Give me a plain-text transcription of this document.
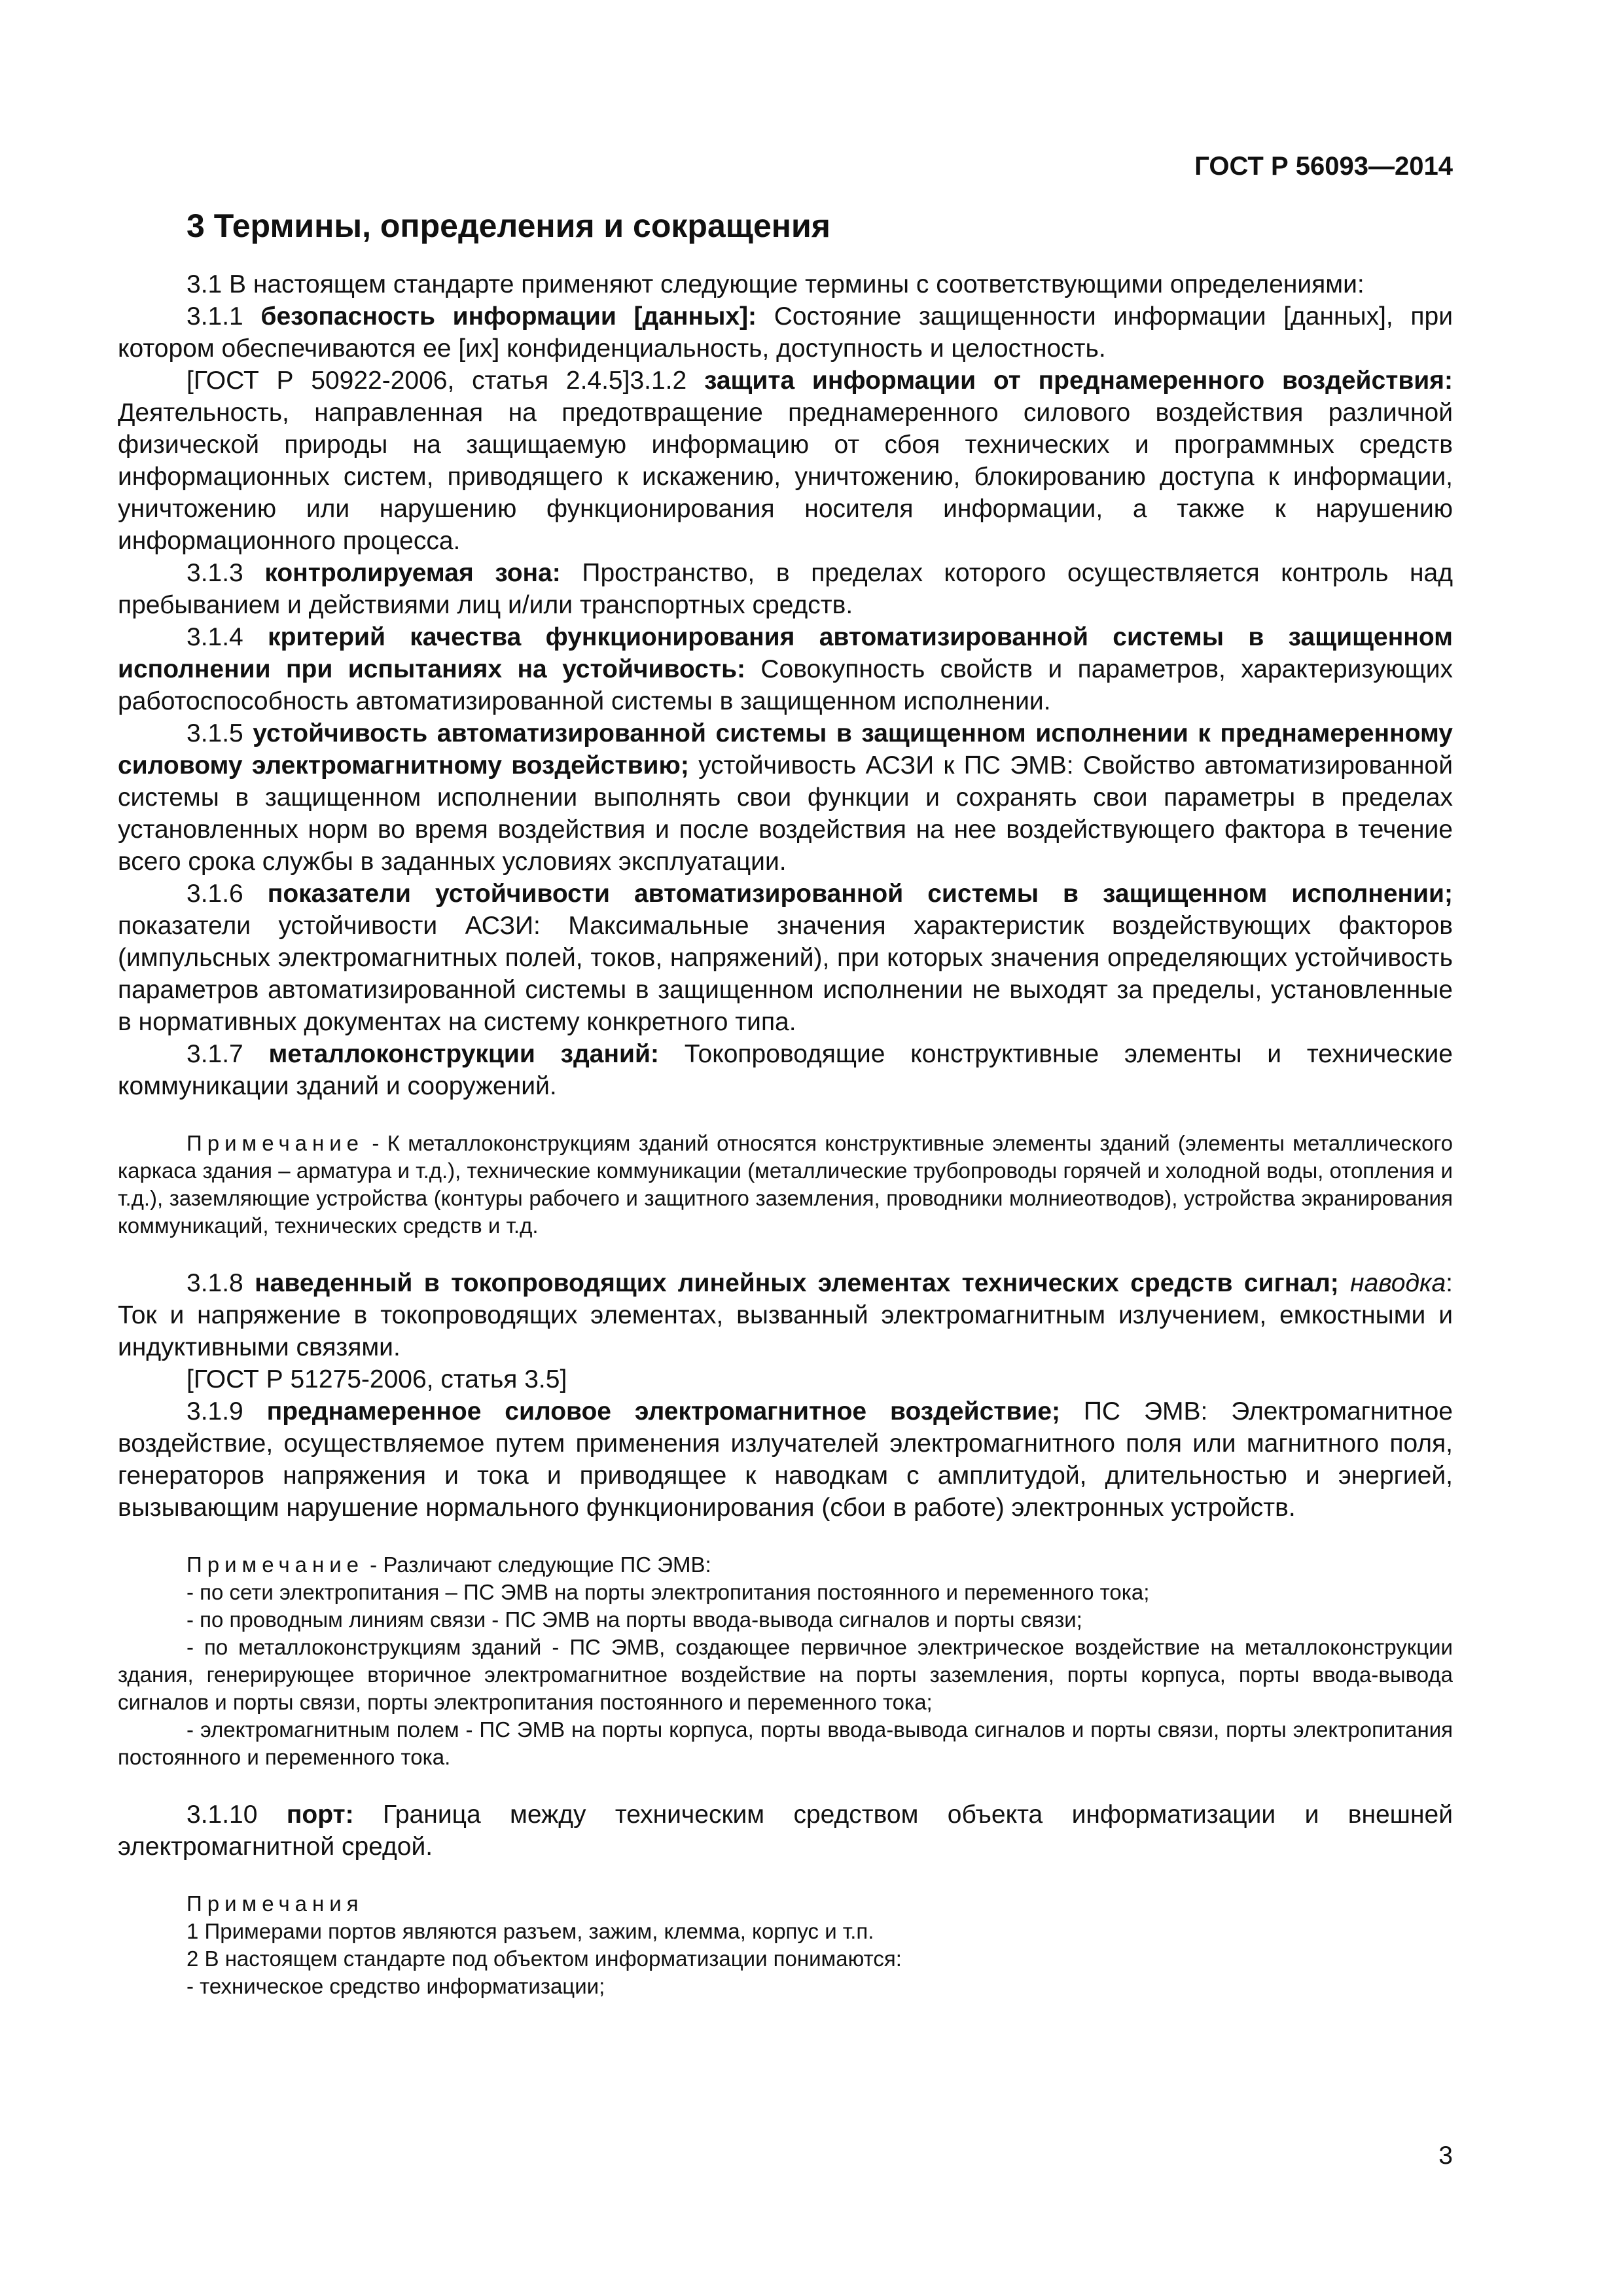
ГОСТ Р 56093—2014
3 Термины, определения и сокращения

3.1 В настоящем стандарте применяют следующие термины с соответствующими определениями:

3.1.1 безопасность информации [данных]: Состояние защищенности информации [данных], при котором обеспечиваются ее [их] конфиденциальность, доступность и целостность.

[ГОСТ Р 50922-2006, статья 2.4.5]3.1.2 защита информации от преднамеренного воздействия: Деятельность, направленная на предотвращение преднамеренного силового воздействия различной физической природы на защищаемую информацию от сбоя технических и программных средств информационных систем, приводящего к искажению, уничтожению, блокированию доступа к информации, уничтожению или нарушению функционирования носителя информации, а также к нарушению информационного процесса.

3.1.3 контролируемая зона: Пространство, в пределах которого осуществляется контроль над пребыванием и действиями лиц и/или транспортных средств.

3.1.4 критерий качества функционирования автоматизированной системы в защищенном исполнении при испытаниях на устойчивость: Совокупность свойств и параметров, характеризующих работоспособность автоматизированной системы в защищенном исполнении.

3.1.5 устойчивость автоматизированной системы в защищенном исполнении к преднамеренному силовому электромагнитному воздействию; устойчивость АСЗИ к ПС ЭМВ: Свойство автоматизированной системы в защищенном исполнении выполнять свои функции и сохранять свои параметры в пределах установленных норм во время воздействия и после воздействия на нее воздействующего фактора в течение всего срока службы в заданных условиях эксплуатации.

3.1.6 показатели устойчивости автоматизированной системы в защищенном исполнении; показатели устойчивости АСЗИ: Максимальные значения характеристик воздействующих факторов (импульсных электромагнитных полей, токов, напряжений), при которых значения определяющих устойчивость параметров автоматизированной системы в защищенном исполнении не выходят за пределы, установленные в нормативных документах на систему конкретного типа.

3.1.7 металлоконструкции зданий: Токопроводящие конструктивные элементы и технические коммуникации зданий и сооружений.

Примечание - К металлоконструкциям зданий относятся конструктивные элементы зданий (элементы металлического каркаса здания – арматура и т.д.), технические коммуникации (металлические трубопроводы горячей и холодной воды, отопления и т.д.), заземляющие устройства (контуры рабочего и защитного заземления, проводники молниеотводов), устройства экранирования коммуникаций, технических средств и т.д.

3.1.8 наведенный в токопроводящих линейных элементах технических средств сигнал; наводка: Ток и напряжение в токопроводящих элементах, вызванный электромагнитным излучением, емкостными и индуктивными связями.

[ГОСТ Р 51275-2006, статья 3.5]

3.1.9 преднамеренное силовое электромагнитное воздействие; ПС ЭМВ: Электромагнитное воздействие, осуществляемое путем применения излучателей электромагнитного поля или магнитного поля, генераторов напряжения и тока и приводящее к наводкам с амплитудой, длительностью и энергией, вызывающим нарушение нормального функционирования (сбои в работе) электронных устройств.

Примечание - Различают следующие ПС ЭМВ:

- по сети электропитания – ПС ЭМВ на порты электропитания постоянного и переменного тока;

- по проводным линиям связи - ПС ЭМВ на порты ввода-вывода сигналов и порты связи;

- по металлоконструкциям зданий - ПС ЭМВ, создающее первичное электрическое воздействие на металлоконструкции здания, генерирующее вторичное электромагнитное воздействие на порты заземления, порты корпуса, порты ввода-вывода сигналов и порты связи, порты электропитания постоянного и переменного тока;

- электромагнитным полем - ПС ЭМВ на порты корпуса, порты ввода-вывода сигналов и порты связи, порты электропитания постоянного и переменного тока.

3.1.10 порт: Граница между техническим средством объекта информатизации и внешней электромагнитной средой.

Примечания

1 Примерами портов являются разъем, зажим, клемма, корпус и т.п.

2 В настоящем стандарте под объектом информатизации понимаются:

- техническое средство информатизации;

3
